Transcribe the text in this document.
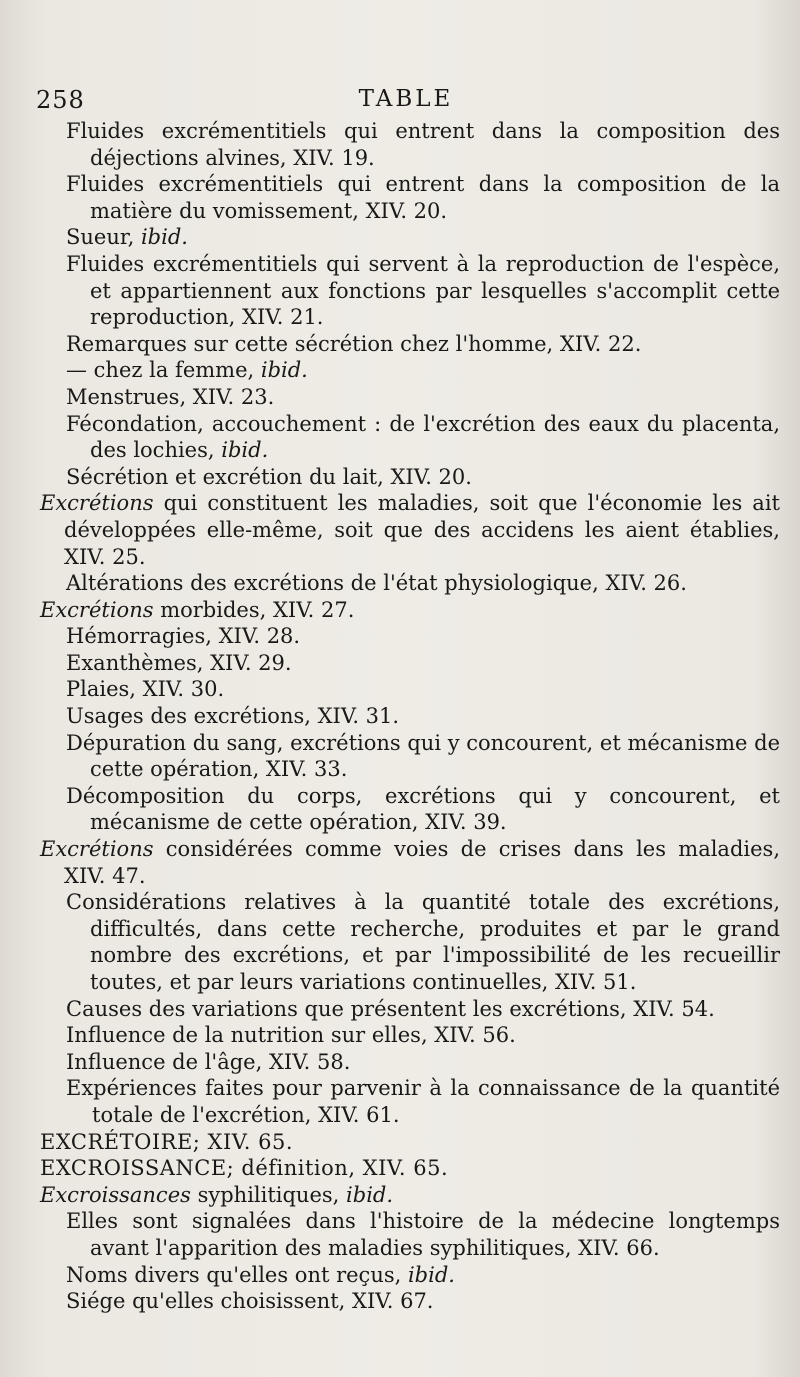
258	TABLE

Fluides excrémentitiels qui entrent dans la composition des déjections alvines, XIV. 19.

Fluides excrémentitiels qui entrent dans la composition de la matière du vomissement, XIV. 20.

Sueur, ibid.

Fluides excrémentitiels qui servent à la reproduction de l'espèce, et appartiennent aux fonctions par lesquelles s'accomplit cette reproduction, XIV. 21.

Remarques sur cette sécrétion chez l'homme, XIV. 22.

— chez la femme, ibid.

Menstrues, XIV. 23.

Fécondation, accouchement : de l'excrétion des eaux du placenta, des lochies, ibid.

Sécrétion et excrétion du lait, XIV. 20.

Excrétions qui constituent les maladies, soit que l'économie les ait développées elle-même, soit que des accidens les aient établies, XIV. 25.

Altérations des excrétions de l'état physiologique, XIV. 26.

Excrétions morbides, XIV. 27.

Hémorragies, XIV. 28.

Exanthèmes, XIV. 29.

Plaies, XIV. 30.

Usages des excrétions, XIV. 31.

Dépuration du sang, excrétions qui y concourent, et mécanisme de cette opération, XIV. 33.

Décomposition du corps, excrétions qui y concourent, et mécanisme de cette opération, XIV. 39.

Excrétions considérées comme voies de crises dans les maladies, XIV. 47.

Considérations relatives à la quantité totale des excrétions, difficultés, dans cette recherche, produites et par le grand nombre des excrétions, et par l'impossibilité de les recueillir toutes, et par leurs variations continuelles, XIV. 51.

Causes des variations que présentent les excrétions, XIV. 54.

Influence de la nutrition sur elles, XIV. 56.

Influence de l'âge, XIV. 58.

Expériences faites pour parvenir à la connaissance de la quantité totale de l'excrétion, XIV. 61.

EXCRÉTOIRE; XIV. 65.

EXCROISSANCE; définition, XIV. 65.

Excroissances syphilitiques, ibid.

Elles sont signalées dans l'histoire de la médecine longtemps avant l'apparition des maladies syphilitiques, XIV. 66.

Noms divers qu'elles ont reçus, ibid.

Siége qu'elles choisissent, XIV. 67.
